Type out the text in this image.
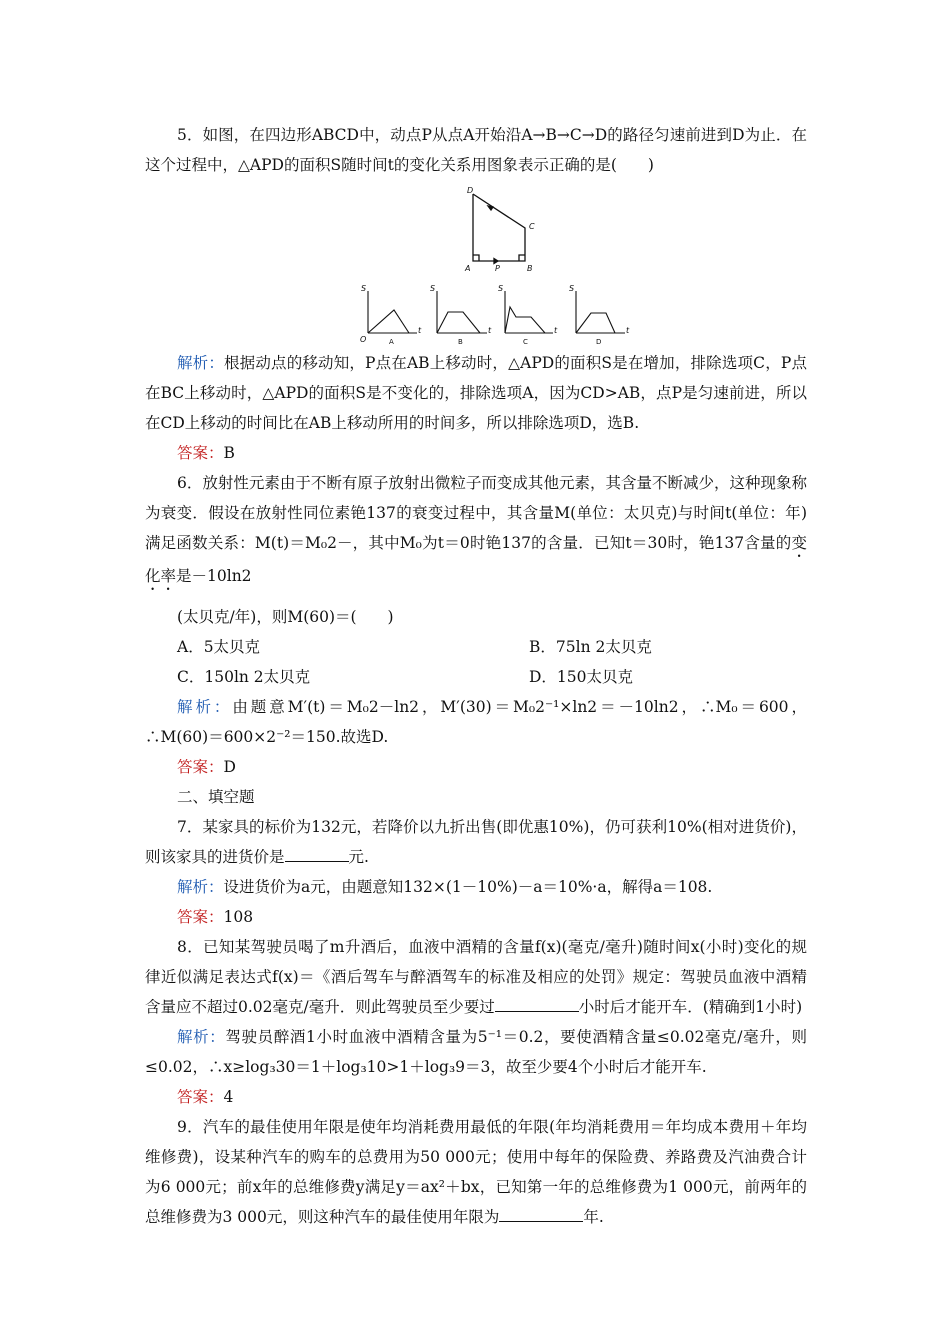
5．如图，在四边形ABCD中，动点P从点A开始沿A→B→C→D的路径匀速前进到D为止．在这个过程中，△APD的面积S随时间t的变化关系用图象表示正确的是(　　)

D
C
A	B
P
S
t
O	A
S
t
B
S
t
C
S
t
D

解析：根据动点的移动知，P点在AB上移动时，△APD的面积S是在增加，排除选项C，P点在BC上移动时，△APD的面积S是不变化的，排除选项A，因为CD>AB，点P是匀速前进，所以在CD上移动的时间比在AB上移动所用的时间多，所以排除选项D，选B.

答案：B

6．放射性元素由于不断有原子放射出微粒子而变成其他元素，其含量不断减少，这种现象称为衰变．假设在放射性同位素铯137的衰变过程中，其含量M(单位：太贝克)与时间t(单位：年)满足函数关系：M(t)＝M₀2－，其中M₀为t＝0时铯137的含量．已知t＝30时，铯137含量的变化率是－10ln2

(太贝克/年)，则M(60)＝(　　)

A．5太贝克	B．75ln 2太贝克
C．150ln 2太贝克	D．150太贝克

解析：由题意M′(t)＝M₀2－ln2，M′(30)＝M₀2⁻¹×ln2＝－10ln2，∴M₀＝600，∴M(60)＝600×2⁻²＝150.故选D.

答案：D

二、填空题

7．某家具的标价为132元，若降价以九折出售(即优惠10%)，仍可获利10%(相对进货价)，则该家具的进货价是	元.

解析：设进货价为a元，由题意知132×(1－10%)－a＝10%·a，解得a＝108.

答案：108

8．已知某驾驶员喝了m升酒后，血液中酒精的含量f(x)(毫克/毫升)随时间x(小时)变化的规律近似满足表达式f(x)＝《酒后驾车与醉酒驾车的标准及相应的处罚》规定：驾驶员血液中酒精含量应不超过0.02毫克/毫升．则此驾驶员至少要过	小时后才能开车．(精确到1小时)

解析：驾驶员醉酒1小时血液中酒精含量为5⁻¹＝0.2，要使酒精含量≤0.02毫克/毫升，则≤0.02，∴x≥log₃30＝1＋log₃10>1＋log₃9＝3，故至少要4个小时后才能开车.

答案：4

9．汽车的最佳使用年限是使年均消耗费用最低的年限(年均消耗费用＝年均成本费用＋年均维修费)，设某种汽车的购车的总费用为50 000元；使用中每年的保险费、养路费及汽油费合计为6 000元；前x年的总维修费y满足y＝ax²＋bx，已知第一年的总维修费为1 000元，前两年的总维修费为3 000元，则这种汽车的最佳使用年限为	年.
